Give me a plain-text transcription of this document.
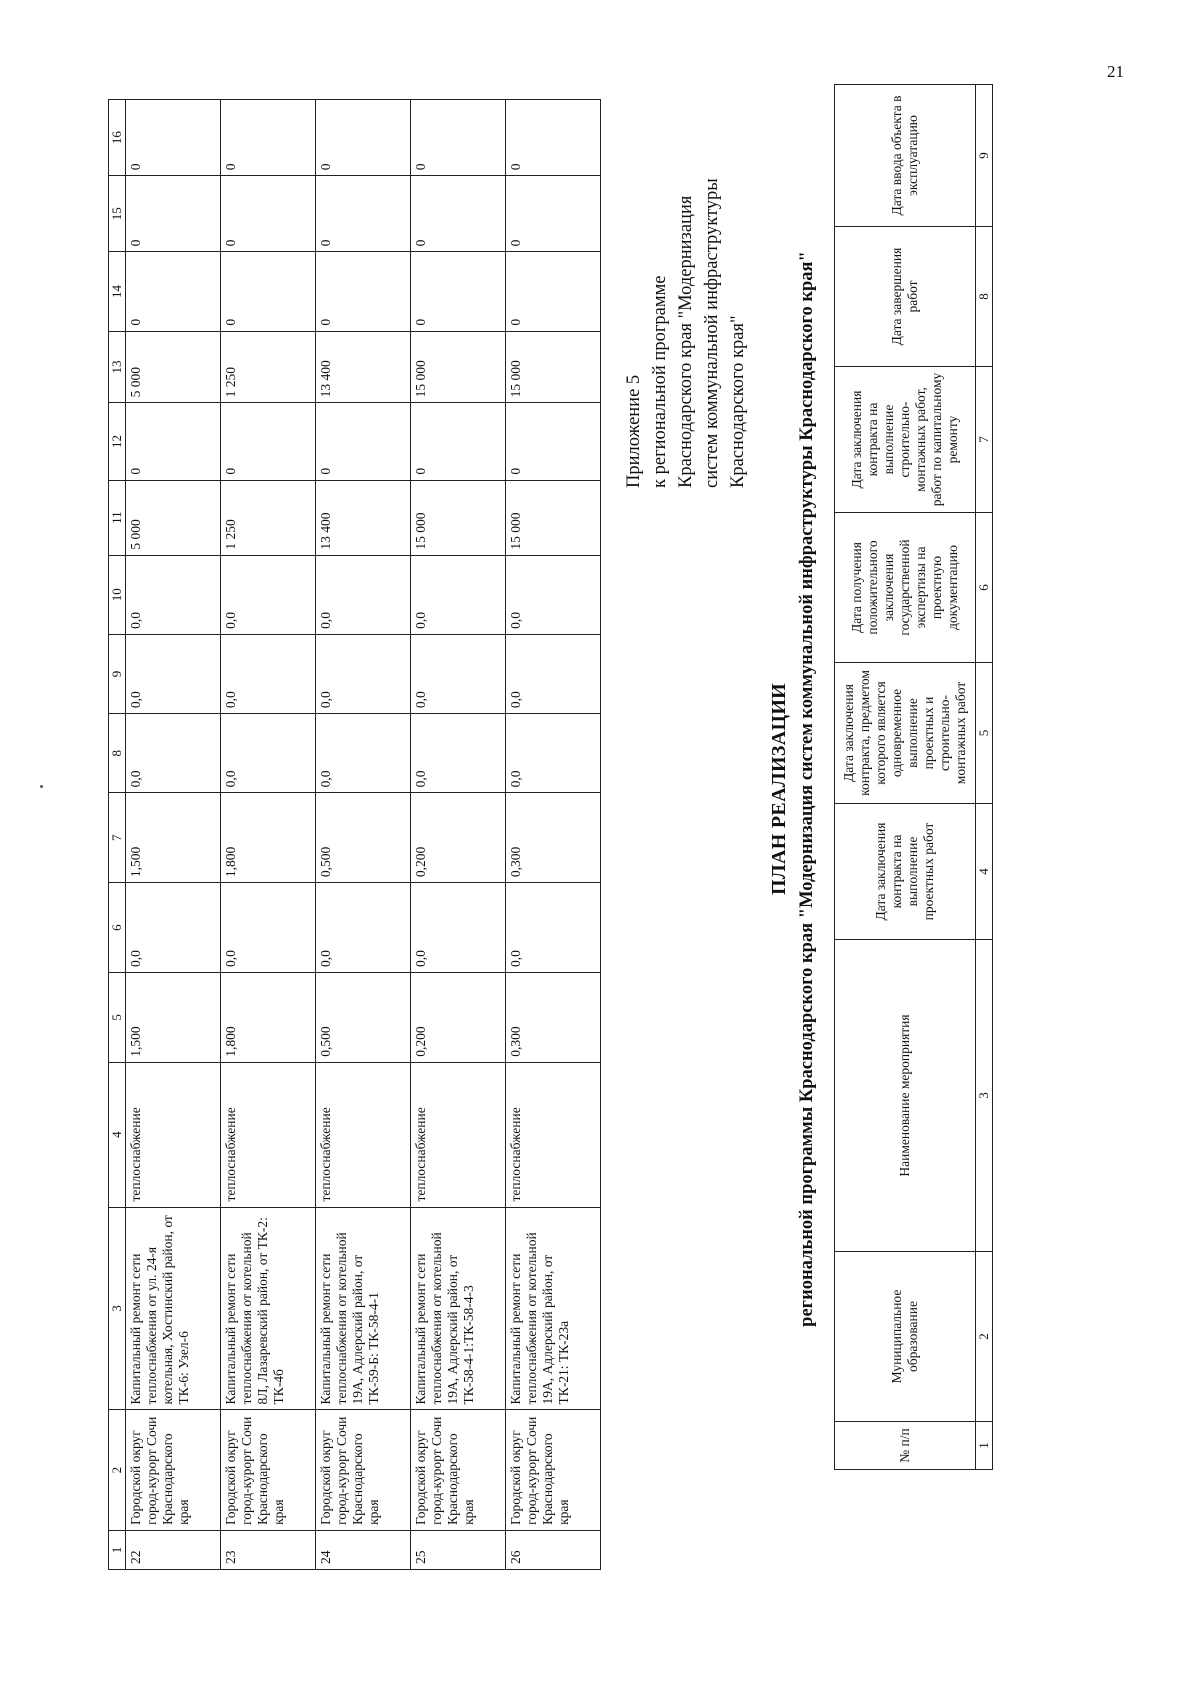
21
1	2	3	4	5	6	7	8	9	10	11	12	13	14	15	16
22	Городской округ город-курорт Сочи Краснодарского края	Капитальный ремонт сети теплоснабжения от ул. 24-я котельная, Хостинский район, от ТК-6: Узел-6	теплоснабжение	1,500	0,0	1,500	0,0	0,0	0,0	5 000	0	5 000	0	0	0
23	Городской округ город-курорт Сочи Краснодарского края	Капитальный ремонт сети теплоснабжения от котельной 8Л, Лазаревский район, от ТК-2: ТК-4б	теплоснабжение	1,800	0,0	1,800	0,0	0,0	0,0	1 250	0	1 250	0	0	0
24	Городской округ город-курорт Сочи Краснодарского края	Капитальный ремонт сети теплоснабжения от котельной 19А, Адлерский район, от ТК-59-Б: ТК-58-4-1	теплоснабжение	0,500	0,0	0,500	0,0	0,0	0,0	13 400	0	13 400	0	0	0
25	Городской округ город-курорт Сочи Краснодарского края	Капитальный ремонт сети теплоснабжения от котельной 19А, Адлерский район, от ТК-58-4-1:ТК-58-4-3	теплоснабжение	0,200	0,0	0,200	0,0	0,0	0,0	15 000	0	15 000	0	0	0
26	Городской округ город-курорт Сочи Краснодарского края	Капитальный ремонт сети теплоснабжения от котельной 19А, Адлерский район, от ТК-21: ТК-23а	теплоснабжение	0,300	0,0	0,300	0,0	0,0	0,0	15 000	0	15 000	0	0	0
Приложение 5 к региональной программе Краснодарского края "Модернизация систем коммунальной инфраструктуры Краснодарского края"

ПЛАН РЕАЛИЗАЦИИ региональной программы Краснодарского края "Модернизация систем коммунальной инфраструктуры Краснодарского края"

№ п/п	Муниципальное образование	Наименование мероприятия	Дата заключения контракта на выполнение проектных работ	Дата заключения контракта, предметом которого является одновременное выполнение проектных и строительно-монтажных работ	Дата получения положительного заключения государственной экспертизы на проектную документацию	Дата заключения контракта на выполнение строительно-монтажных работ, работ по капитальному ремонту	Дата завершения работ	Дата ввода объекта в эксплуатацию
1	2	3	4	5	6	7	8	9
